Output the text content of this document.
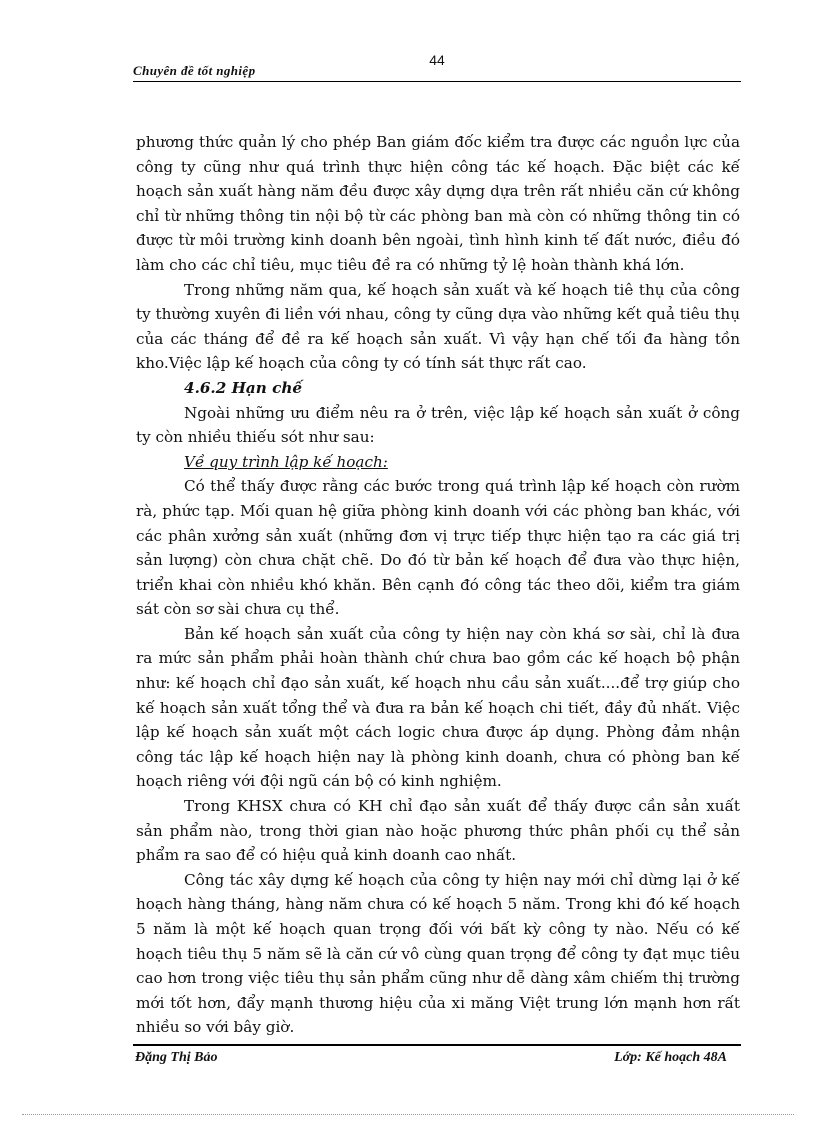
44
Chuyên đề tốt nghiệp

phương thức quản lý cho phép Ban giám đốc kiểm tra được các nguồn lực của công ty cũng như quá trình thực hiện công tác kế hoạch. Đặc biệt các kế hoạch sản xuất hàng năm đều được xây dựng dựa trên rất nhiều căn cứ không chỉ từ những thông tin nội bộ từ các phòng ban mà còn có những thông tin có được từ môi trường kinh doanh bên ngoài, tình hình kinh tế đất nước, điều đó làm cho các chỉ tiêu, mục tiêu đề ra có những tỷ lệ hoàn thành khá lớn.

Trong những năm qua, kế hoạch sản xuất và kế hoạch tiê thụ của công ty thường xuyên đi liền với nhau, công ty cũng dựa vào những kết quả tiêu thụ của các tháng để đề ra kế hoạch sản xuất. Vì vậy hạn chế tối đa hàng tồn kho.Việc lập kế hoạch của công ty có tính sát thực rất cao.

4.6.2 Hạn chế

Ngoài những ưu điểm nêu ra ở trên, việc lập kế hoạch sản xuất ở công ty còn nhiều thiếu sót như sau:

Về quy trình lập kế hoạch:

Có thể thấy được rằng các bước trong quá trình lập kế hoạch còn rườm rà, phức tạp. Mối quan hệ giữa phòng kinh doanh với các phòng ban khác, với các phân xưởng sản xuất (những đơn vị trực tiếp thực hiện tạo ra các giá trị sản lượng) còn chưa chặt chẽ. Do đó từ bản kế hoạch để đưa vào thực hiện, triển khai còn nhiều khó khăn. Bên cạnh đó công tác theo dõi, kiểm tra giám sát còn sơ sài chưa cụ thể.

Bản kế hoạch sản xuất của công ty hiện nay còn khá sơ sài, chỉ là đưa ra mức sản phẩm phải hoàn thành chứ chưa bao gồm các kế hoạch bộ phận như: kế hoạch chỉ đạo sản xuất, kế hoạch nhu cầu sản xuất....để trợ giúp cho kế hoạch sản xuất tổng thể và đưa ra bản kế hoạch chi tiết, đầy đủ nhất. Việc lập kế hoạch sản xuất một cách logic chưa được áp dụng. Phòng đảm nhận công tác lập kế hoạch hiện nay là phòng kinh doanh, chưa có phòng ban kế hoạch riêng với đội ngũ cán bộ có kinh nghiệm.

Trong KHSX chưa có KH chỉ đạo sản xuất để thấy được cần sản xuất sản phẩm nào, trong thời gian nào hoặc phương thức phân phối cụ thể sản phẩm ra sao để có hiệu quả kinh doanh cao nhất.

Công tác xây dựng kế hoạch của công ty hiện nay mới chỉ dừng lại ở kế hoạch hàng tháng, hàng năm chưa có kế hoạch 5 năm. Trong khi đó kế hoạch 5 năm là một kế hoạch quan trọng đối với bất kỳ công ty nào. Nếu có kế hoạch tiêu thụ 5 năm sẽ là căn cứ vô cùng quan trọng để công ty đạt mục tiêu cao hơn trong việc tiêu thụ sản phẩm cũng như dễ dàng xâm chiếm thị trường mới tốt hơn, đẩy mạnh thương hiệu của xi măng Việt trung lớn mạnh hơn rất nhiều so với bây giờ.

Đặng Thị Bảo	Lớp: Kế hoạch 48A
